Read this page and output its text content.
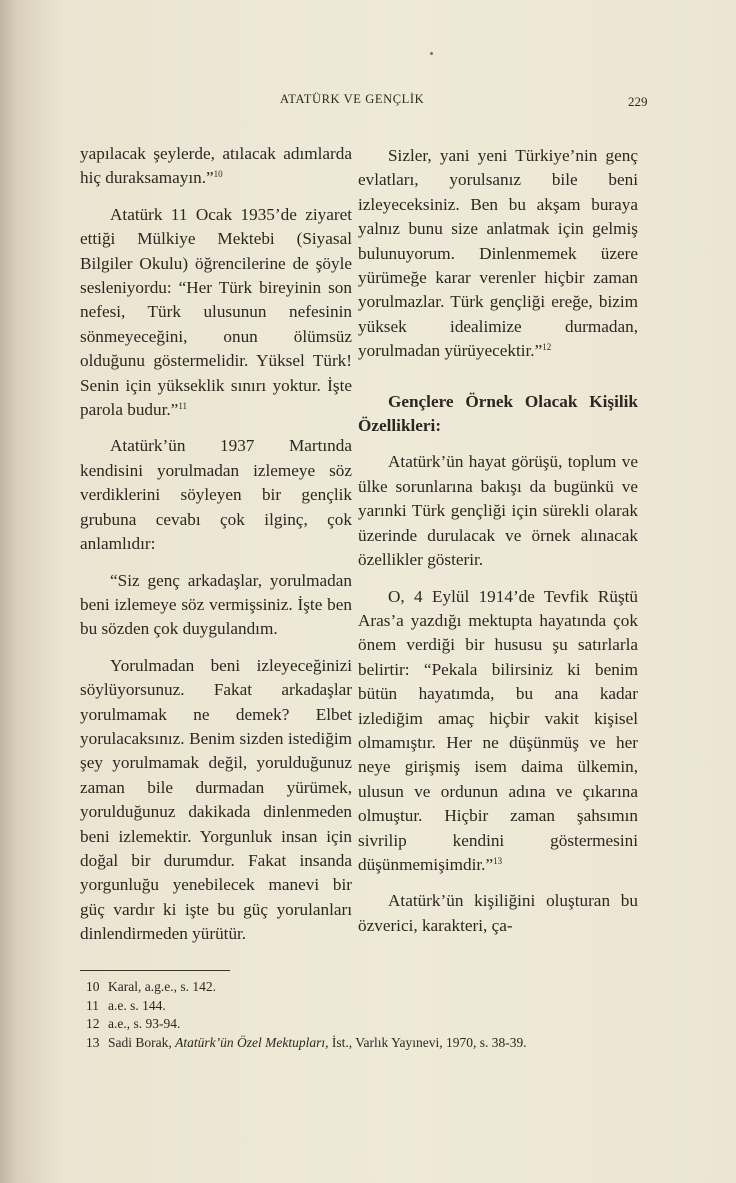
ATATÜRK VE GENÇLİK	229

yapılacak şeylerde, atılacak adımlarda hiç duraksamayın.”$^{10}$

Atatürk 11 Ocak 1935’de ziyaret ettiği Mülkiye Mektebi (Siyasal Bilgiler Okulu) öğrencilerine de şöyle sesleniyordu: “Her Türk bireyinin son nefesi, Türk ulusunun nefesinin sönmeyeceğini, onun ölümsüz olduğunu göstermelidir. Yüksel Türk! Senin için yükseklik sınırı yoktur. İşte parola budur.”$^{11}$

Atatürk’ün 1937 Martında kendisini yorulmadan izlemeye söz verdiklerini söyleyen bir gençlik grubuna cevabı çok ilginç, çok anlamlıdır:

“Siz genç arkadaşlar, yorulmadan beni izlemeye söz vermişsiniz. İşte ben bu sözden çok duygulandım.

Yorulmadan beni izleyeceğinizi söylüyorsunuz. Fakat arkadaşlar yorulmamak ne demek? Elbet yorulacaksınız. Benim sizden istediğim şey yorulmamak değil, yorulduğunuz zaman bile durmadan yürümek, yorulduğunuz dakikada dinlenmeden beni izlemektir. Yorgunluk insan için doğal bir durumdur. Fakat insanda yorgunluğu yenebilecek manevi bir güç vardır ki işte bu güç yorulanları dinlendirmeden yürütür.

Sizler, yani yeni Türkiye’nin genç evlatları, yorulsanız bile beni izleyeceksiniz. Ben bu akşam buraya yalnız bunu size anlatmak için gelmiş bulunuyorum. Dinlenmemek üzere yürümeğe karar verenler hiçbir zaman yorulmazlar. Türk gençliği ereğe, bizim yüksek idealimize durmadan, yorulmadan yürüyecektir.”$^{12}$

Gençlere Örnek Olacak Kişilik Özellikleri:

Atatürk’ün hayat görüşü, toplum ve ülke sorunlarına bakışı da bugünkü ve yarınki Türk gençliği için sürekli olarak üzerinde durulacak ve örnek alınacak özellikler gösterir.

O, 4 Eylül 1914’de Tevfik Rüştü Aras’a yazdığı mektupta hayatında çok önem verdiği bir hususu şu satırlarla belirtir: “Pekala bilirsiniz ki benim bütün hayatımda, bu ana kadar izlediğim amaç hiçbir vakit kişisel olmamıştır. Her ne düşünmüş ve her neye girişmiş isem daima ülkemin, ulusun ve ordunun adına ve çıkarına olmuştur. Hiçbir zaman şahsımın sivrilip kendini göstermesini düşünmemişimdir.”$^{13}$

Atatürk’ün kişiliğini oluşturan bu özverici, karakteri, ça-

10 Karal, a.g.e., s. 142.
11 a.e. s. 144.
12 a.e., s. 93-94.
13 Sadi Borak, Atatürk’ün Özel Mektupları, İst., Varlık Yayınevi, 1970, s. 38-39.
